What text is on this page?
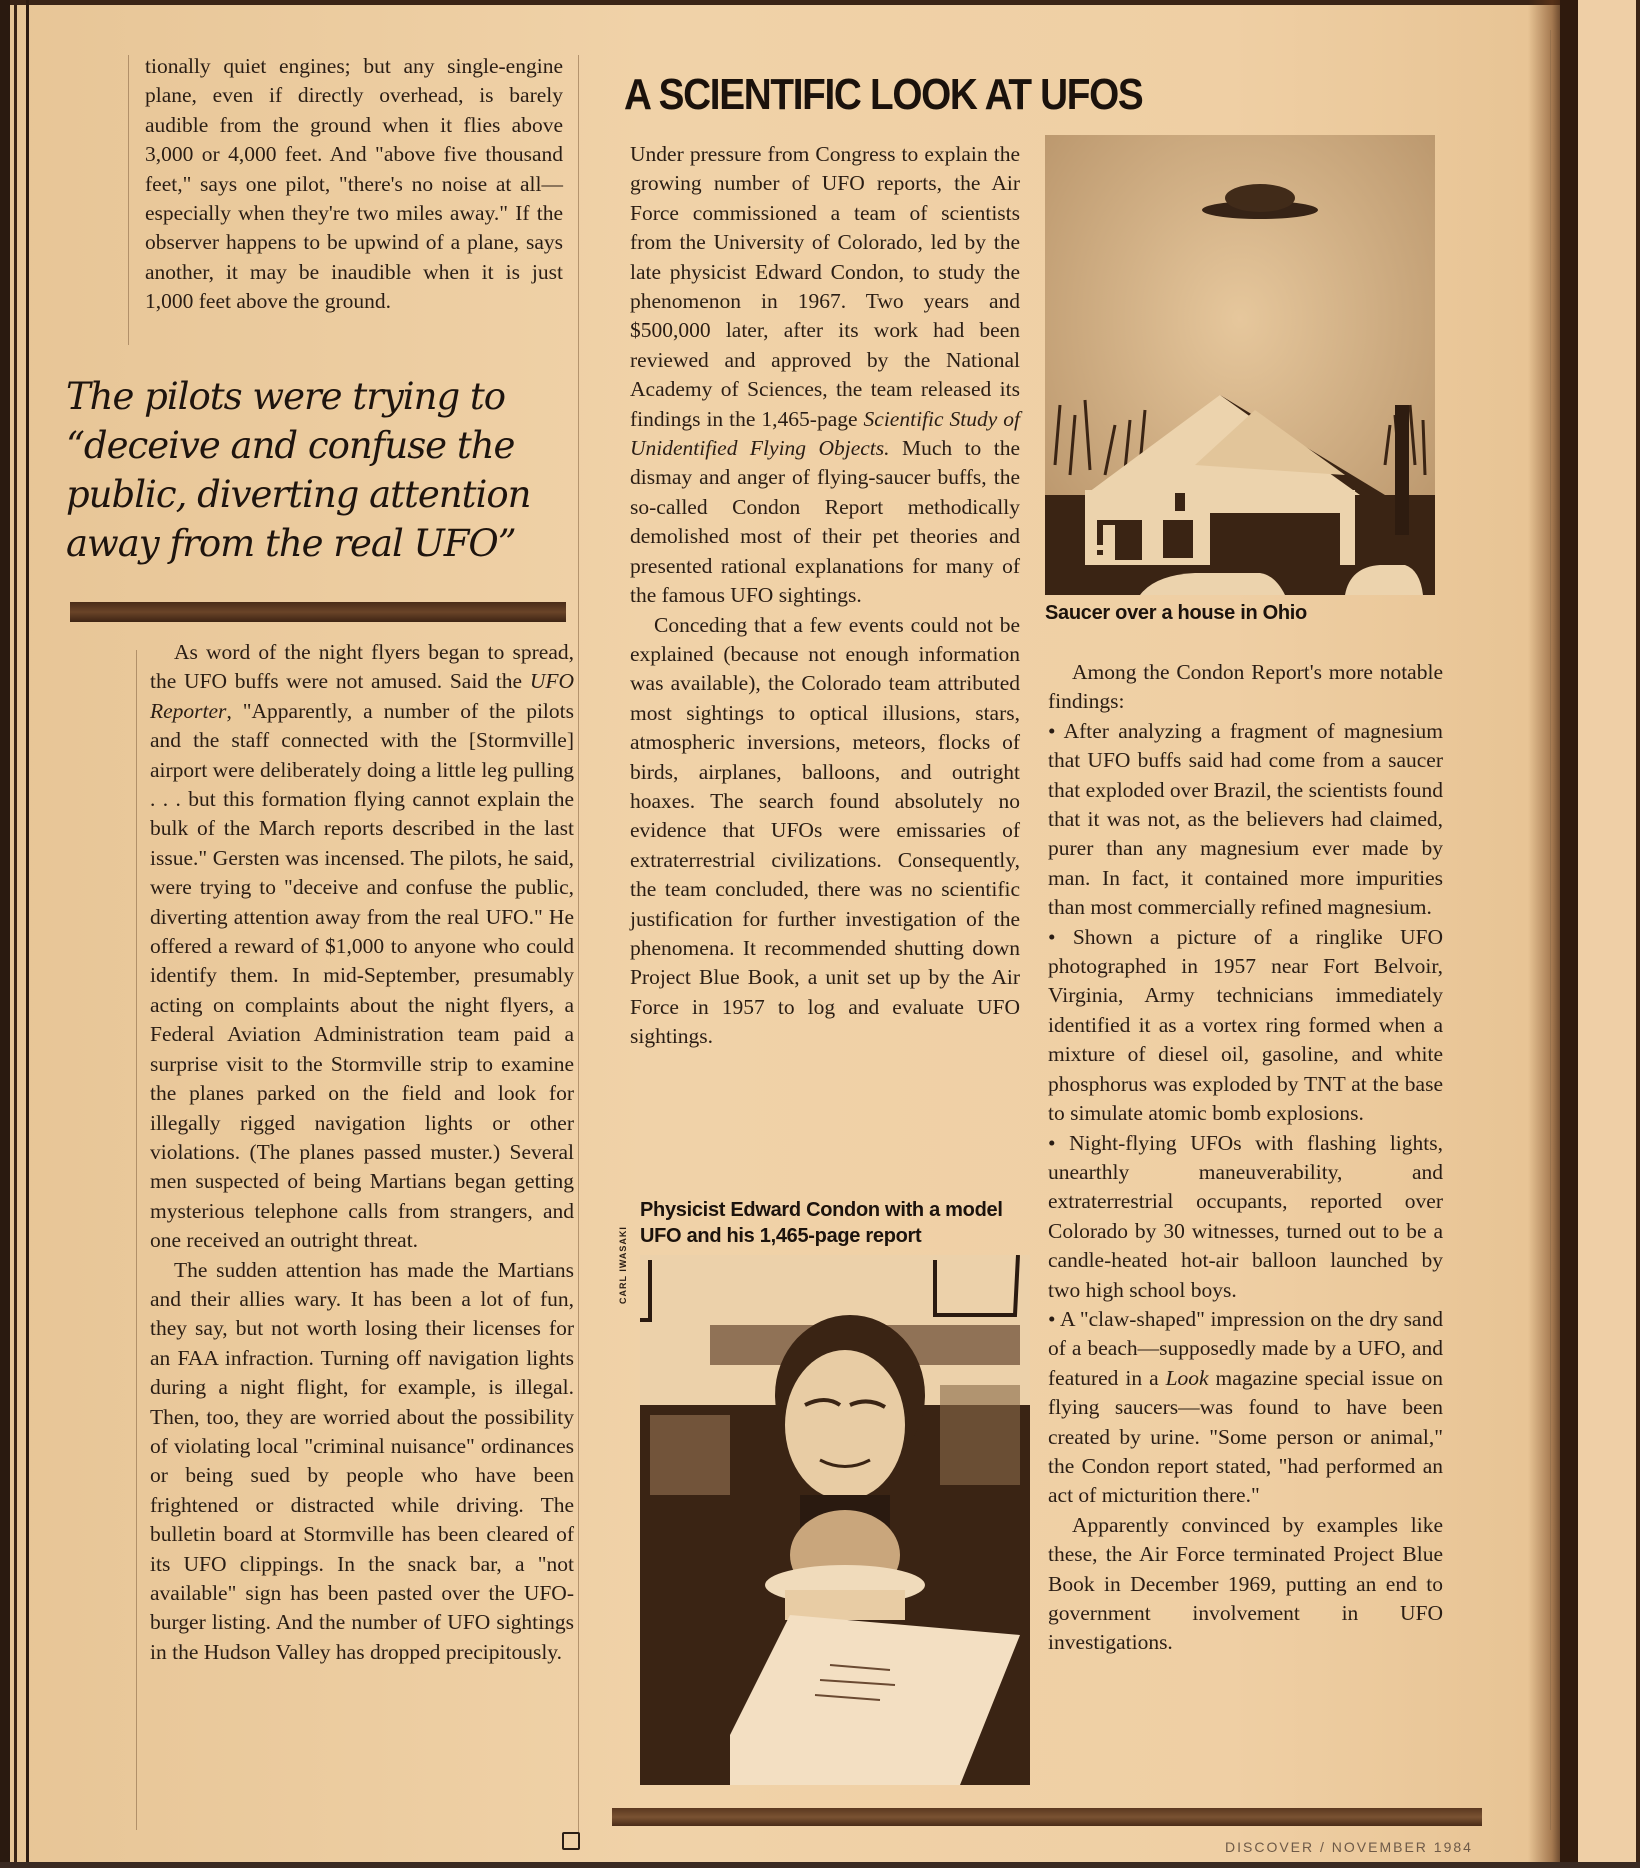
tionally quiet engines; but any single-engine plane, even if directly overhead, is barely audible from the ground when it flies above 3,000 or 4,000 feet. And "above five thousand feet," says one pilot, "there's no noise at all—especially when they're two miles away." If the observer happens to be upwind of a plane, says another, it may be inaudible when it is just 1,000 feet above the ground.

The pilots were trying to “deceive and confuse the public, diverting attention away from the real UFO”

As word of the night flyers began to spread, the UFO buffs were not amused. Said the UFO Reporter, "Apparently, a number of the pilots and the staff connected with the [Stormville] airport were deliberately doing a little leg pulling . . . but this formation flying cannot explain the bulk of the March reports described in the last issue." Gersten was incensed. The pilots, he said, were trying to "deceive and confuse the public, diverting attention away from the real UFO." He offered a reward of $1,000 to anyone who could identify them. In mid-September, presumably acting on complaints about the night flyers, a Federal Aviation Administration team paid a surprise visit to the Stormville strip to examine the planes parked on the field and look for illegally rigged navigation lights or other violations. (The planes passed muster.) Several men suspected of being Martians began getting mysterious telephone calls from strangers, and one received an outright threat.

The sudden attention has made the Martians and their allies wary. It has been a lot of fun, they say, but not worth losing their licenses for an FAA infraction. Turning off navigation lights during a night flight, for example, is illegal. Then, too, they are worried about the possibility of violating local "criminal nuisance" ordinances or being sued by people who have been frightened or distracted while driving. The bulletin board at Stormville has been cleared of its UFO clippings. In the snack bar, a "not available" sign has been pasted over the UFO-burger listing. And the number of UFO sightings in the Hudson Valley has dropped precipitously.

A SCIENTIFIC LOOK AT UFOS

Under pressure from Congress to explain the growing number of UFO reports, the Air Force commissioned a team of scientists from the University of Colorado, led by the late physicist Edward Condon, to study the phenomenon in 1967. Two years and $500,000 later, after its work had been reviewed and approved by the National Academy of Sciences, the team released its findings in the 1,465-page Scientific Study of Unidentified Flying Objects. Much to the dismay and anger of flying-saucer buffs, the so-called Condon Report methodically demolished most of their pet theories and presented rational explanations for many of the famous UFO sightings.

Conceding that a few events could not be explained (because not enough information was available), the Colorado team attributed most sightings to optical illusions, stars, atmospheric inversions, meteors, flocks of birds, airplanes, balloons, and outright hoaxes. The search found absolutely no evidence that UFOs were emissaries of extraterrestrial civilizations. Consequently, the team concluded, there was no scientific justification for further investigation of the phenomena. It recommended shutting down Project Blue Book, a unit set up by the Air Force in 1957 to log and evaluate UFO sightings.

Saucer over a house in Ohio
Physicist Edward Condon with a model UFO and his 1,465-page report
CARL IWASAKI

Among the Condon Report's more notable findings:

• After analyzing a fragment of magnesium that UFO buffs said had come from a saucer that exploded over Brazil, the scientists found that it was not, as the believers had claimed, purer than any magnesium ever made by man. In fact, it contained more impurities than most commercially refined magnesium.

• Shown a picture of a ringlike UFO photographed in 1957 near Fort Belvoir, Virginia, Army technicians immediately identified it as a vortex ring formed when a mixture of diesel oil, gasoline, and white phosphorus was exploded by TNT at the base to simulate atomic bomb explosions.

• Night-flying UFOs with flashing lights, unearthly maneuverability, and extraterrestrial occupants, reported over Colorado by 30 witnesses, turned out to be a candle-heated hot-air balloon launched by two high school boys.

• A "claw-shaped" impression on the dry sand of a beach—supposedly made by a UFO, and featured in a Look magazine special issue on flying saucers—was found to have been created by urine. "Some person or animal," the Condon report stated, "had performed an act of micturition there."

Apparently convinced by examples like these, the Air Force terminated Project Blue Book in December 1969, putting an end to government involvement in UFO investigations.

DISCOVER / NOVEMBER 1984
